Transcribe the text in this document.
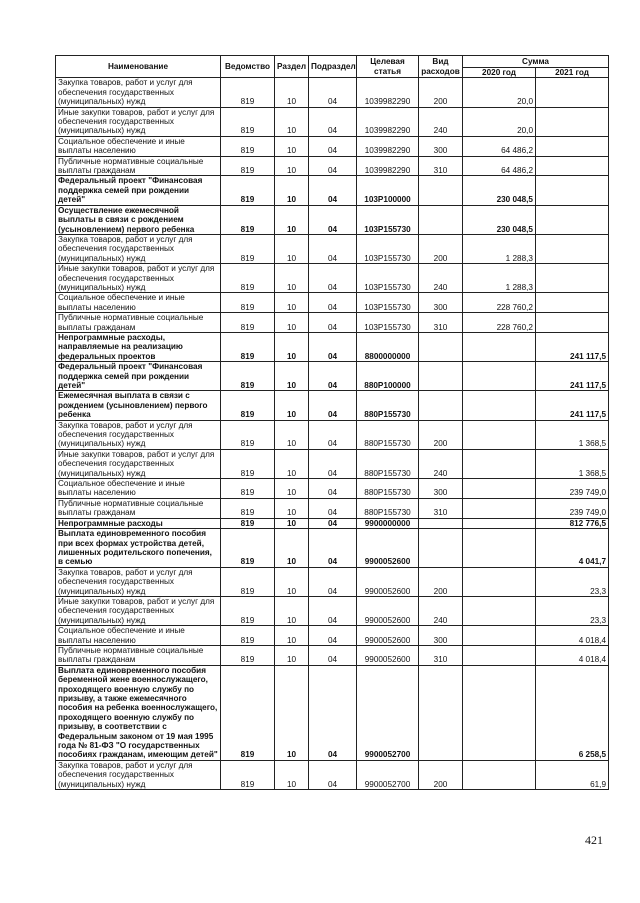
Наименование	Ведомство	Раздел	Подраздел	Целевая статья	Вид расходов	Сумма	
						2020 год	2021 год
Закупка товаров, работ и услуг для обеспечения государственных (муниципальных) нужд	819	10	04	1039982290	200	20,0	
Иные закупки товаров, работ и услуг для обеспечения государственных (муниципальных) нужд	819	10	04	1039982290	240	20,0	
Социальное обеспечение и иные выплаты населению	819	10	04	1039982290	300	64 486,2	
Публичные нормативные социальные выплаты гражданам	819	10	04	1039982290	310	64 486,2	
Федеральный проект "Финансовая поддержка семей при рождении детей"	819	10	04	103P100000		230 048,5	
Осуществление ежемесячной выплаты в связи с рождением (усыновлением) первого ребенка	819	10	04	103P155730		230 048,5	
Закупка товаров, работ и услуг для обеспечения государственных (муниципальных) нужд	819	10	04	103P155730	200	1 288,3	
Иные закупки товаров, работ и услуг для обеспечения государственных (муниципальных) нужд	819	10	04	103P155730	240	1 288,3	
Социальное обеспечение и иные выплаты населению	819	10	04	103P155730	300	228 760,2	
Публичные нормативные социальные выплаты гражданам	819	10	04	103P155730	310	228 760,2	
Непрограммные расходы, направляемые на реализацию федеральных проектов	819	10	04	8800000000			241 117,5
Федеральный проект "Финансовая поддержка семей при рождении детей"	819	10	04	880P100000			241 117,5
Ежемесячная выплата в связи с рождением (усыновлением) первого ребенка	819	10	04	880P155730			241 117,5
Закупка товаров, работ и услуг для обеспечения государственных (муниципальных) нужд	819	10	04	880P155730	200		1 368,5
Иные закупки товаров, работ и услуг для обеспечения государственных (муниципальных) нужд	819	10	04	880P155730	240		1 368,5
Социальное обеспечение и иные выплаты населению	819	10	04	880P155730	300		239 749,0
Публичные нормативные социальные выплаты гражданам	819	10	04	880P155730	310		239 749,0
Непрограммные расходы	819	10	04	9900000000			812 776,5
Выплата единовременного пособия при всех формах устройства детей, лишенных родительского попечения, в семью	819	10	04	9900052600			4 041,7
Закупка товаров, работ и услуг для обеспечения государственных (муниципальных) нужд	819	10	04	9900052600	200		23,3
Иные закупки товаров, работ и услуг для обеспечения государственных (муниципальных) нужд	819	10	04	9900052600	240		23,3
Социальное обеспечение и иные выплаты населению	819	10	04	9900052600	300		4 018,4
Публичные нормативные социальные выплаты гражданам	819	10	04	9900052600	310		4 018,4
Выплата единовременного пособия беременной жене военнослужащего, проходящего военную службу по призыву, а также ежемесячного пособия на ребенка военнослужащего, проходящего военную службу по призыву, в соответствии с Федеральным законом от 19 мая 1995 года № 81-ФЗ "О государственных пособиях гражданам, имеющим детей"	819	10	04	9900052700			6 258,5
Закупка товаров, работ и услуг для обеспечения государственных (муниципальных) нужд	819	10	04	9900052700	200		61,9
421
